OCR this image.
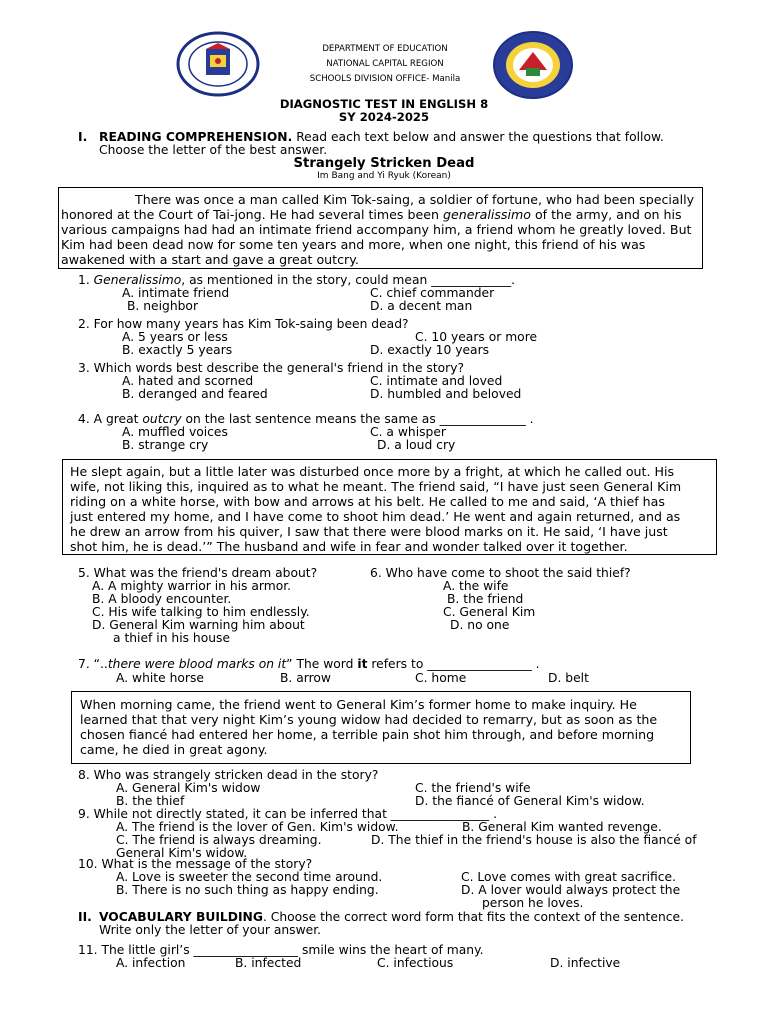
DEPARTMENT OF EDUCATION
NATIONAL CAPITAL REGION
SCHOOLS DIVISION OFFICE- Manila
DIAGNOSTIC TEST IN ENGLISH 8
SY 2024-2025
I. READING COMPREHENSION. Read each text below and answer the questions that follow.
Choose the letter of the best answer.
Strangely Stricken Dead
Im Bang and Yi Ryuk (Korean)
There was once a man called Kim Tok-saing, a soldier of fortune, who had been specially
honored at the Court of Tai-jong. He had several times been generalissimo of the army, and on his
various campaigns had had an intimate friend accompany him, a friend whom he greatly loved. But
Kim had been dead now for some ten years and more, when one night, this friend of his was
awakened with a start and gave a great outcry.
1. Generalissimo, as mentioned in the story, could mean _____________.
A. intimate friend
B. neighbor
C. chief commander
D. a decent man
2. For how many years has Kim Tok-saing been dead?
A. 5 years or less
B. exactly 5 years
C. 10 years or more
D. exactly 10 years
3. Which words best describe the general's friend in the story?
A. hated and scorned
B. deranged and feared
C. intimate and loved
D. humbled and beloved
4. A great outcry on the last sentence means the same as ______________ .
A. muffled voices
B. strange cry
C. a whisper
D. a loud cry
He slept again, but a little later was disturbed once more by a fright, at which he called out. His
wife, not liking this, inquired as to what he meant. The friend said, “I have just seen General Kim
riding on a white horse, with bow and arrows at his belt. He called to me and said, ‘A thief has
just entered my home, and I have come to shoot him dead.’ He went and again returned, and as
he drew an arrow from his quiver, I saw that there were blood marks on it. He said, ‘I have just
shot him, he is dead.’” The husband and wife in fear and wonder talked over it together.
5. What was the friend's dream about?
A. A mighty warrior in his armor.
B. A bloody encounter.
C. His wife talking to him endlessly.
D. General Kim warning him about
a thief in his house
6. Who have come to shoot the said thief?
A. the wife
B. the friend
C. General Kim
D. no one
7. “..there were blood marks on it” The word it refers to _________________ .
A. white horse	B. arrow	C. home	D. belt
When morning came, the friend went to General Kim’s former home to make inquiry. He
learned that that very night Kim’s young widow had decided to remarry, but as soon as the
chosen fiancé had entered her home, a terrible pain shot him through, and before morning
came, he died in great agony.
8. Who was strangely stricken dead in the story?
A. General Kim's widow
B. the thief
C. the friend's wife
D. the fiancé of General Kim's widow.
9. While not directly stated, it can be inferred that ________________ .
A. The friend is the lover of Gen. Kim's widow.	B. General Kim wanted revenge.
C. The friend is always dreaming.	D. The thief in the friend's house is also the fiancé of
General Kim's widow.
10. What is the message of the story?
A. Love is sweeter the second time around.
B. There is no such thing as happy ending.
C. Love comes with great sacrifice.
D. A lover would always protect the
person he loves.
II. VOCABULARY BUILDING. Choose the correct word form that fits the context of the sentence.
Write only the letter of your answer.
11. The little girl’s _________________ smile wins the heart of many.
A. infection	B. infected	C. infectious	D. infective
